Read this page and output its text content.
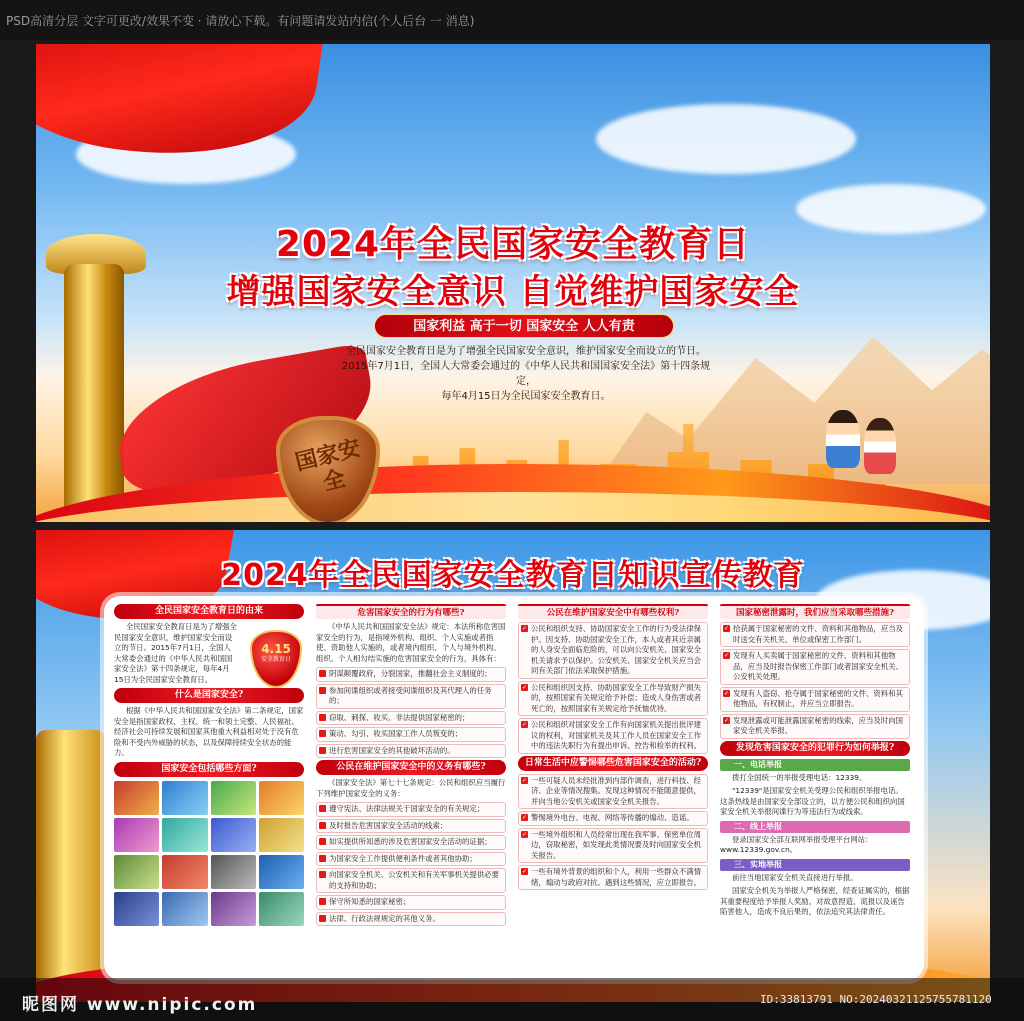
PSD高清分层 文字可更改/效果不变 · 请放心下载。有问题请发站内信(个人后台 一 消息)
国家安全
2024年全民国家安全教育日
增强国家安全意识 自觉维护国家安全
国家利益 高于一切 国家安全 人人有责
全民国家安全教育日是为了增强全民国家安全意识，维护国家安全而设立的节日。
2015年7月1日，全国人大常委会通过的《中华人民共和国国家安全法》第十四条规定，
每年4月15日为全民国家安全教育日。
2024年全民国家安全教育日知识宣传教育
全民国家安全教育日的由来
全民国家安全教育日是为了增强全民国家安全意识，维护国家安全而设立的节日。2015年7月1日，全国人大常委会通过的《中华人民共和国国家安全法》第十四条规定，每年4月15日为全民国家安全教育日。
4.15
安全教育日
什么是国家安全?
根据《中华人民共和国国家安全法》第二条规定，国家安全是指国家政权、主权、统一和领土完整、人民福祉、经济社会可持续发展和国家其他重大利益相对处于没有危险和不受内外威胁的状态，以及保障持续安全状态的能力。
国家安全包括哪些方面?
危害国家安全的行为有哪些?
《中华人民共和国国家安全法》规定：本法所称危害国家安全的行为，是指境外机构、组织、个人实施或者指使、资助他人实施的，或者境内组织、个人与境外机构、组织、个人相勾结实施的危害国家安全的行为，具体有：
阴谋颠覆政府，分裂国家，推翻社会主义制度的；
参加间谍组织或者接受间谍组织及其代理人的任务的；
窃取、刺探、收买、非法提供国家秘密的；
策动、勾引、收买国家工作人员叛变的；
进行危害国家安全的其他破坏活动的。
公民在维护国家安全中的义务有哪些?
《国家安全法》第七十七条规定：公民和组织应当履行下列维护国家安全的义务：
遵守宪法、法律法规关于国家安全的有关规定；
及时报告危害国家安全活动的线索；
如实提供所知悉的涉及危害国家安全活动的证据；
为国家安全工作提供便利条件或者其他协助；
向国家安全机关、公安机关和有关军事机关提供必要的支持和协助；
保守所知悉的国家秘密；
法律、行政法规规定的其他义务。
公民在维护国家安全中有哪些权利?
✓ 公民和组织支持、协助国家安全工作的行为受法律保护。因支持、协助国家安全工作，本人或者其近亲属的人身安全面临危险的，可以向公安机关、国家安全机关请求予以保护。公安机关、国家安全机关应当会同有关部门依法采取保护措施。
✓ 公民和组织因支持、协助国家安全工作导致财产损失的，按照国家有关规定给予补偿；造成人身伤害或者死亡的，按照国家有关规定给予抚恤优待。
✓ 公民和组织对国家安全工作有向国家机关提出批评建议的权利，对国家机关及其工作人员在国家安全工作中的违法失职行为有提出申诉、控告和检举的权利。
日常生活中应警惕哪些危害国家安全的活动?
✓ 一些可疑人员未经批准到内部作调查，进行科技、经济、企业等情况搜集。发现这种情况不能随意提供，并向当地公安机关或国家安全机关报告。
✓ 警惕境外电台、电视、网络等传播的煽动、造谣。
✓ 一些境外组织和人员经常出现在我军事、保密单位周边，窃取秘密，如发现此类情况要及时向国家安全机关报告。
✓ 一些有境外背景的组织和个人，利用一些群众不满情绪，煽动与政府对抗。遇到这些情况，应立即报告。
国家秘密泄露时，我们应当采取哪些措施?
✓ 拾获属于国家秘密的文件、资料和其他物品，应当及时送交有关机关、单位或保密工作部门。
✓ 发现有人买卖属于国家秘密的文件、资料和其他物品，应当及时报告保密工作部门或者国家安全机关、公安机关处理。
✓ 发现有人盗窃、抢夺属于国家秘密的文件、资料和其他物品，有权制止，并应当立即报告。
✓ 发现泄露或可能泄露国家秘密的线索，应当及时向国家安全机关举报。
发现危害国家安全的犯罪行为如何举报?
一、电话举报
拨打全国统一的举报受理电话：12339。
"12339"是国家安全机关受理公民和组织举报电话。这条热线是由国家安全部设立的，以方便公民和组织向国家安全机关举报间谍行为等违法行为或线索。
二、线上举报
登录国家安全部互联网举报受理平台网站：www.12339.gov.cn。
三、实地举报
前往当地国家安全机关直接进行举报。
国家安全机关为举报人严格保密，经查证属实的，根据其重要程度给予举报人奖励。对故意捏造、谎报以及诬告陷害他人，造成不良后果的，依法追究其法律责任。
昵图网 www.nipic.com	ID:33813791 NO:20240321125755781120
